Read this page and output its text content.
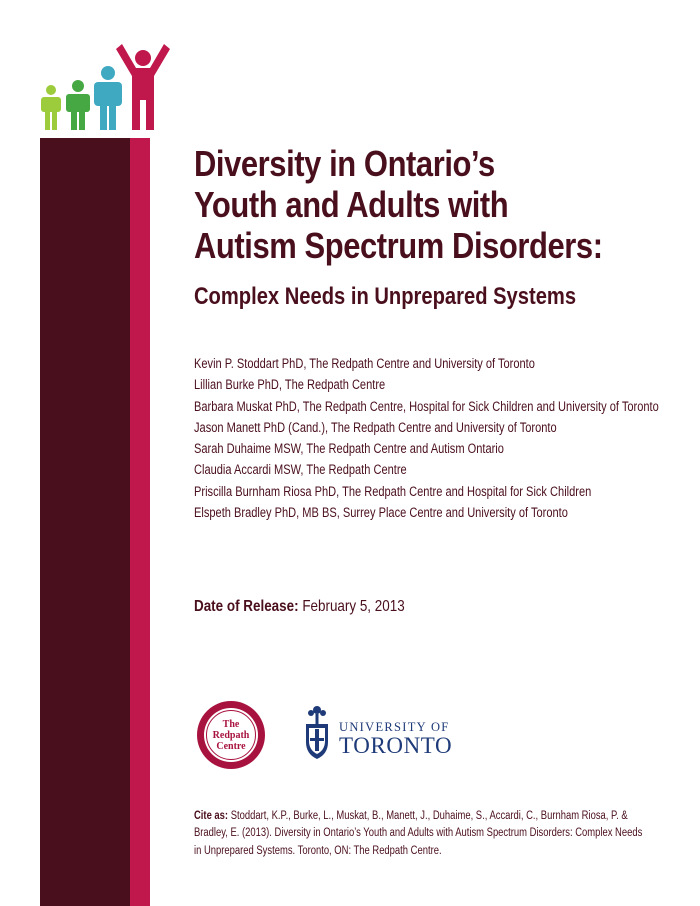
Diversity in Ontario’s
Youth and Adults with
Autism Spectrum Disorders:
Complex Needs in Unprepared Systems
Kevin P. Stoddart PhD, The Redpath Centre and University of Toronto
Lillian Burke PhD, The Redpath Centre
Barbara Muskat PhD, The Redpath Centre, Hospital for Sick Children and University of Toronto
Jason Manett PhD (Cand.), The Redpath Centre and University of Toronto
Sarah Duhaime MSW, The Redpath Centre and Autism Ontario
Claudia Accardi MSW, The Redpath Centre
Priscilla Burnham Riosa PhD, The Redpath Centre and Hospital for Sick Children
Elspeth Bradley PhD, MB BS, Surrey Place Centre and University of Toronto
Date of Release: February 5, 2013
The
Redpath
Centre
UNIVERSITY OF
TORONTO
Cite as: Stoddart, K.P., Burke, L., Muskat, B., Manett, J., Duhaime, S., Accardi, C., Burnham Riosa, P. & Bradley, E. (2013). Diversity in Ontario’s Youth and Adults with Autism Spectrum Disorders: Complex Needs in Unprepared Systems. Toronto, ON: The Redpath Centre.
